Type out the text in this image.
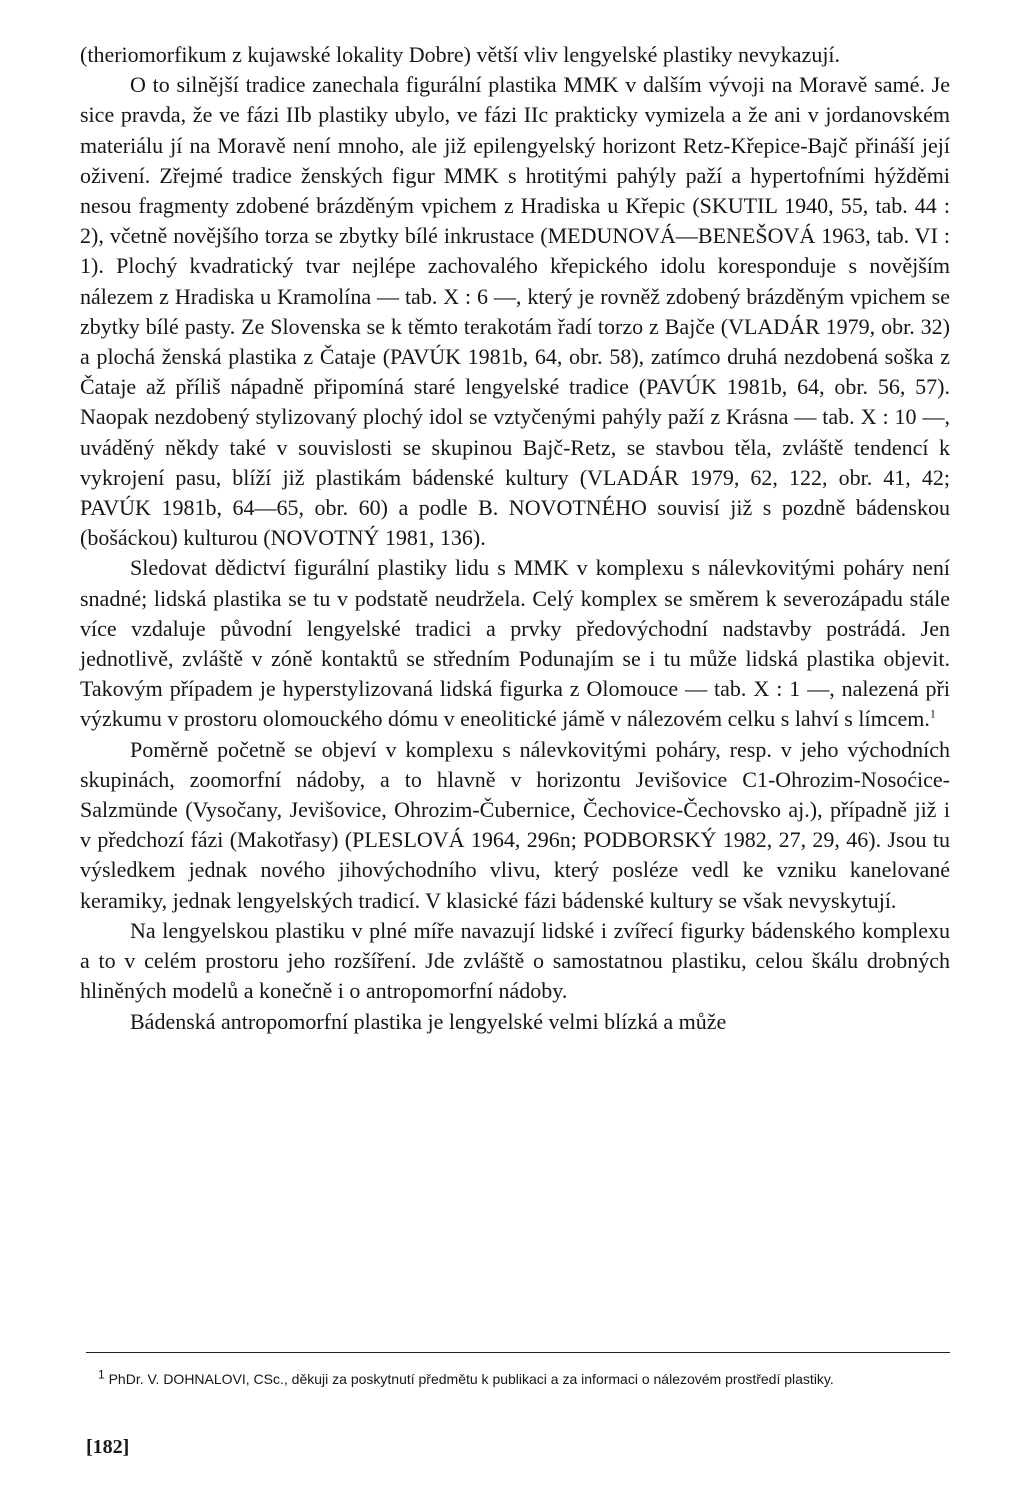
(theriomorfikum z kujawské lokality Dobre) větší vliv lengyelské plastiky nevykazují.

O to silnější tradice zanechala figurální plastika MMK v dalším vývoji na Moravě samé. Je sice pravda, že ve fázi IIb plastiky ubylo, ve fázi IIc prakticky vymizela a že ani v jordanovském materiálu jí na Moravě není mnoho, ale již epilengyelský horizont Retz-Křepice-Bajč přináší její oživení. Zřejmé tradice ženských figur MMK s hrotitými pahýly paží a hypertofními hýžděmi nesou fragmenty zdobené brázděným vpichem z Hradiska u Křepic (SKUTIL 1940, 55, tab. 44 : 2), včetně novějšího torza se zbytky bílé inkrustace (MEDUNOVÁ—BENEŠOVÁ 1963, tab. VI : 1). Plochý kvadratický tvar nejlépe zachovalého křepického idolu koresponduje s novějším nálezem z Hradiska u Kramolína — tab. X : 6 —, který je rovněž zdobený brázděným vpichem se zbytky bílé pasty. Ze Slovenska se k těmto terakotám řadí torzo z Bajče (VLADÁR 1979, obr. 32) a plochá ženská plastika z Čataje (PAVÚK 1981b, 64, obr. 58), zatímco druhá nezdobená soška z Čataje až příliš nápadně připomíná staré lengyelské tradice (PAVÚK 1981b, 64, obr. 56, 57). Naopak nezdobený stylizovaný plochý idol se vztyčenými pahýly paží z Krásna — tab. X : 10 —, uváděný někdy také v souvislosti se skupinou Bajč-Retz, se stavbou těla, zvláště tendencí k vykrojení pasu, blíží již plastikám bádenské kultury (VLADÁR 1979, 62, 122, obr. 41, 42; PAVÚK 1981b, 64—65, obr. 60) a podle B. NOVOTNÉHO souvisí již s pozdně bádenskou (bošáckou) kulturou (NOVOTNÝ 1981, 136).

Sledovat dědictví figurální plastiky lidu s MMK v komplexu s nálevkovitými poháry není snadné; lidská plastika se tu v podstatě neudržela. Celý komplex se směrem k severozápadu stále více vzdaluje původní lengyelské tradici a prvky předovýchodní nadstavby postrádá. Jen jednotlivě, zvláště v zóně kontaktů se středním Podunajím se i tu může lidská plastika objevit. Takovým případem je hyperstylizovaná lidská figurka z Olomouce — tab. X : 1 —, nalezená při výzkumu v prostoru olomouckého dómu v eneolitické jámě v nálezovém celku s lahví s límcem.$^1$

Poměrně početně se objeví v komplexu s nálevkovitými poháry, resp. v jeho východních skupinách, zoomorfní nádoby, a to hlavně v horizontu Jevišovice C1-Ohrozim-Nosoćice-Salzmünde (Vysočany, Jevišovice, Ohrozim-Čubernice, Čechovice-Čechovsko aj.), případně již i v předchozí fázi (Makotřasy) (PLESLOVÁ 1964, 296n; PODBORSKÝ 1982, 27, 29, 46). Jsou tu výsledkem jednak nového jihovýchodního vlivu, který posléze vedl ke vzniku kanelované keramiky, jednak lengyelských tradicí. V klasické fázi bádenské kultury se však nevyskytují.

Na lengyelskou plastiku v plné míře navazují lidské i zvířecí figurky bádenského komplexu a to v celém prostoru jeho rozšíření. Jde zvláště o samostatnou plastiku, celou škálu drobných hliněných modelů a konečně i o antropomorfní nádoby.

Bádenská antropomorfní plastika je lengyelské velmi blízká a může

$^1$ PhDr. V. DOHNALOVI, CSc., děkuji za poskytnutí předmětu k publikaci a za informaci o nálezovém prostředí plastiky.
[182]
